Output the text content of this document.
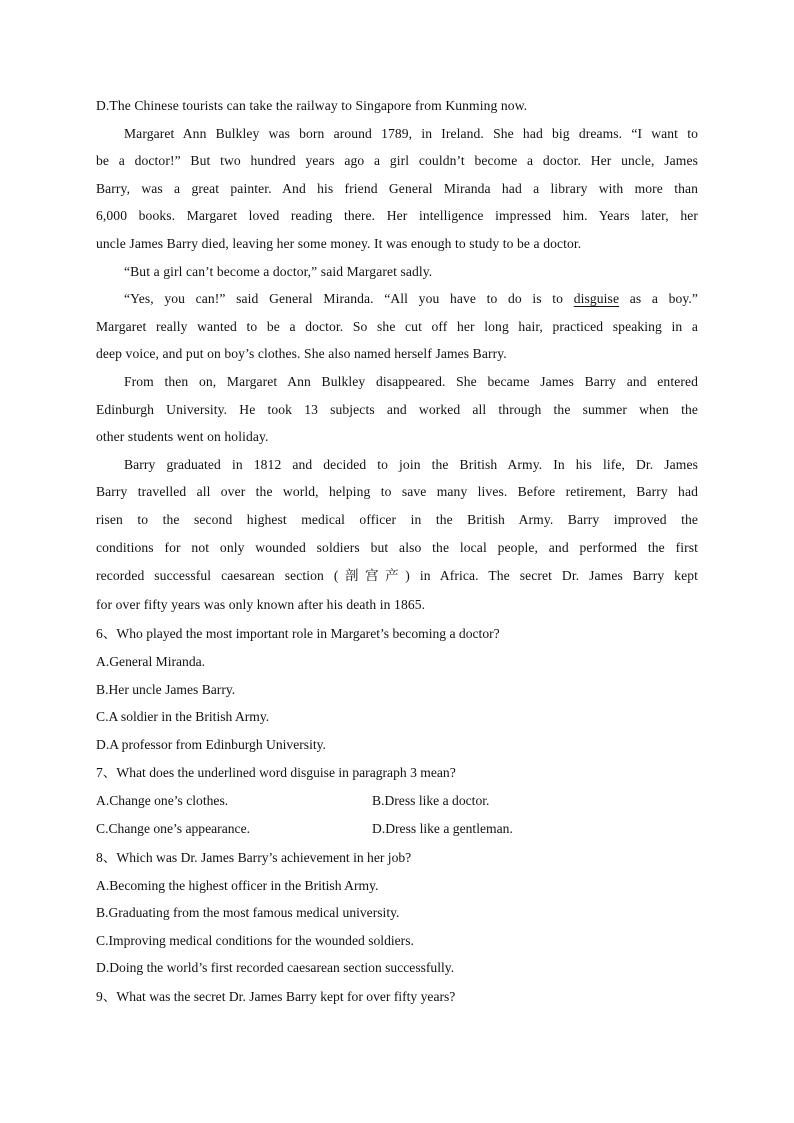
D.The Chinese tourists can take the railway to Singapore from Kunming now.
Margaret Ann Bulkley was born around 1789, in Ireland. She had big dreams. “I want to
be a doctor!” But two hundred years ago a girl couldn’t become a doctor. Her uncle, James
Barry, was a great painter. And his friend General Miranda had a library with more than
6,000 books. Margaret loved reading there. Her intelligence impressed him. Years later, her
uncle James Barry died, leaving her some money. It was enough to study to be a doctor.
“But a girl can’t become a doctor,” said Margaret sadly.
“Yes, you can!” said General Miranda. “All you have to do is to disguise as a boy.”
Margaret really wanted to be a doctor. So she cut off her long hair, practiced speaking in a
deep voice, and put on boy’s clothes. She also named herself James Barry.
From then on, Margaret Ann Bulkley disappeared. She became James Barry and entered
Edinburgh University. He took 13 subjects and worked all through the summer when the
other students went on holiday.
Barry graduated in 1812 and decided to join the British Army. In his life, Dr. James
Barry travelled all over the world, helping to save many lives. Before retirement, Barry had
risen to the second highest medical officer in the British Army. Barry improved the
conditions for not only wounded soldiers but also the local people, and performed the first
recorded successful caesarean section (剖宫产) in Africa. The secret Dr. James Barry kept
for over fifty years was only known after his death in 1865.
6、Who played the most important role in Margaret’s becoming a doctor?
A.General Miranda.
B.Her uncle James Barry.
C.A soldier in the British Army.
D.A professor from Edinburgh University.
7、What does the underlined word disguise in paragraph 3 mean?
A.Change one’s clothes.	B.Dress like a doctor.
C.Change one’s appearance.	D.Dress like a gentleman.
8、Which was Dr. James Barry’s achievement in her job?
A.Becoming the highest officer in the British Army.
B.Graduating from the most famous medical university.
C.Improving medical conditions for the wounded soldiers.
D.Doing the world’s first recorded caesarean section successfully.
9、What was the secret Dr. James Barry kept for over fifty years?
